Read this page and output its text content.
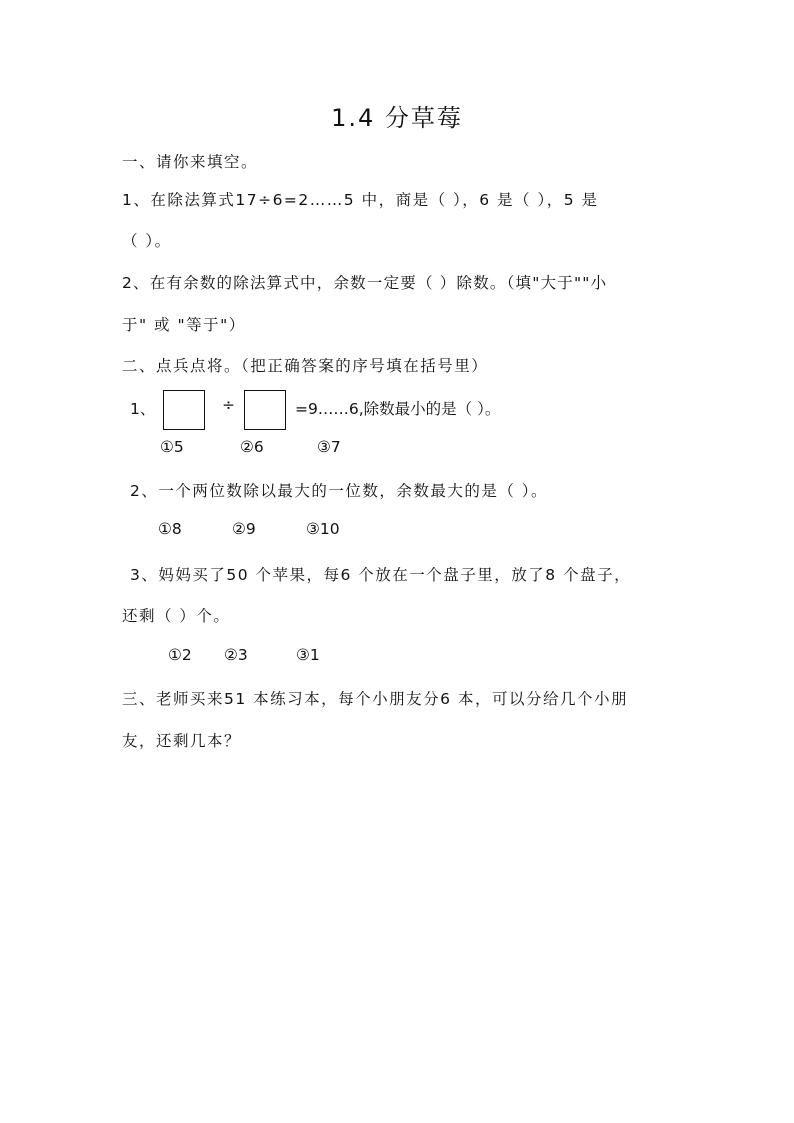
1.4 分草莓
一、请你来填空。
1、在除法算式17÷6=2……5 中，商是（ ），6 是（ ），5 是
（ ）。
2、在有余数的除法算式中，余数一定要（ ）除数。（填"大于""小
于" 或 "等于"）
二、点兵点将。（把正确答案的序号填在括号里）
1、	÷	=9……6,除数最小的是（ ）。
①5	②6	③7
2、一个两位数除以最大的一位数，余数最大的是（ ）。
①8	②9	③10
3、妈妈买了50 个苹果，每6 个放在一个盘子里，放了8 个盘子，
还剩（ ）个。
①2 ②3	③1
三、老师买来51 本练习本，每个小朋友分6 本，可以分给几个小朋
友，还剩几本？
